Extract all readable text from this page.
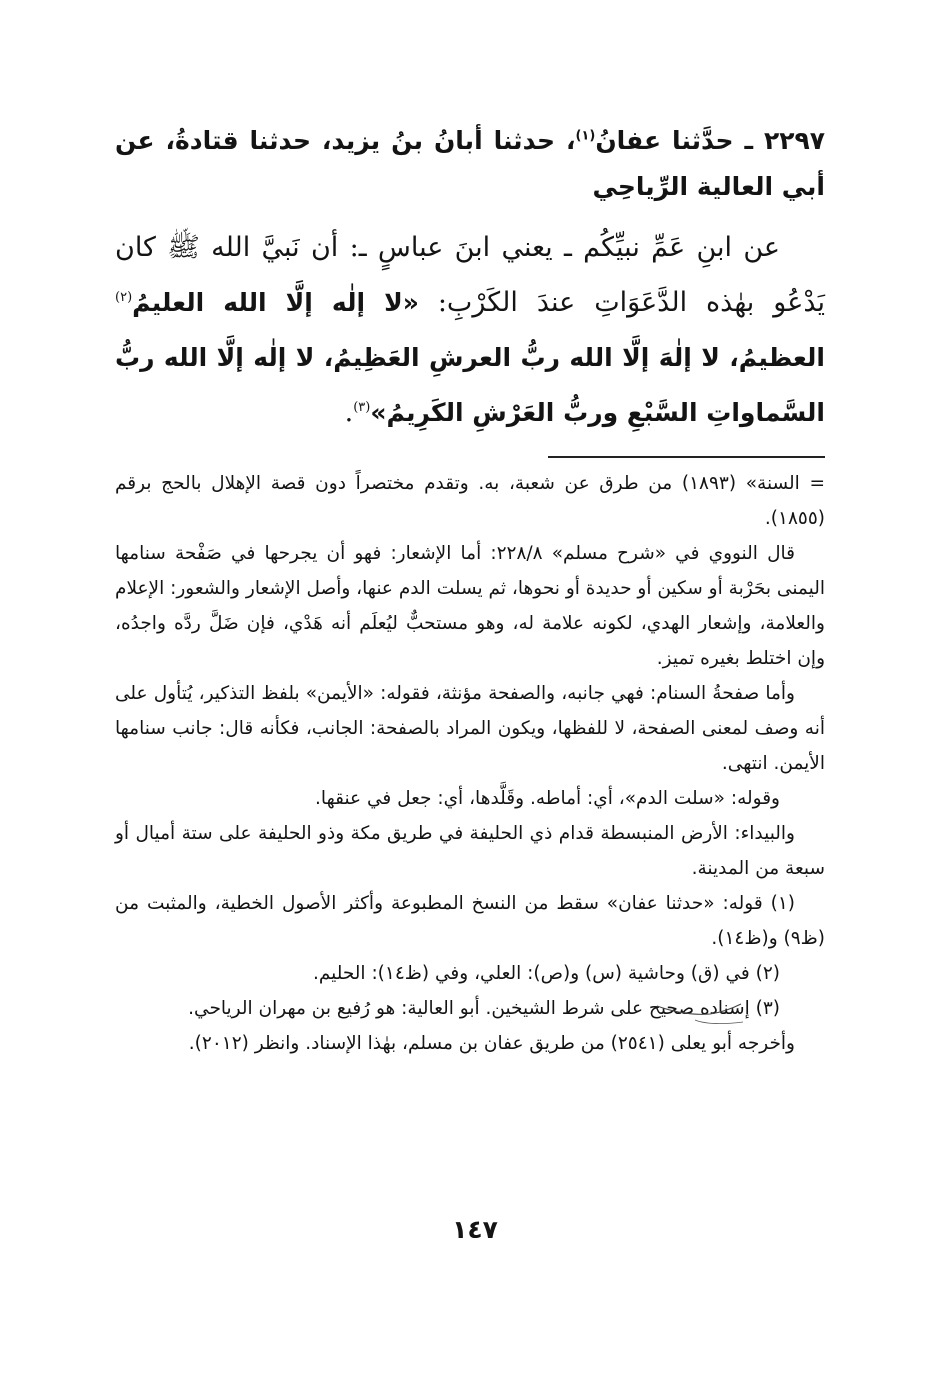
٢٢٩٧ ـ حدَّثنا عفانُ$^{(١)}$، حدثنا أبانُ بنُ يزيد، حدثنا قتادةُ، عن أبي العالية الرِّياحِي

عن ابنِ عَمِّ نبيِّكُم ـ يعني ابنَ عباسٍ ـ: أن نَبيَّ الله ﷺ كان يَدْعُو بهٰذه الدَّعَوَاتِ عندَ الكَرْبِ: «لا إلٰه إلَّا الله العليمُ$^{(٢)}$ العظيمُ، لا إلٰهَ إلَّا الله ربُّ العرشِ العَظِيمُ، لا إلٰه إلَّا الله ربُّ السَّماواتِ السَّبْعِ وربُّ العَرْشِ الكَرِيمُ»$^{(٣)}$.

= السنة» (١٨٩٣) من طرق عن شعبة، به. وتقدم مختصراً دون قصة الإهلال بالحج برقم (١٨٥٥).

قال النووي في «شرح مسلم» ٢٢٨/٨: أما الإشعار: فهو أن يجرحها في صَفْحة سنامها اليمنى بحَرْبة أو سكين أو حديدة أو نحوها، ثم يسلت الدم عنها، وأصل الإشعار والشعور: الإعلام والعلامة، وإشعار الهدي، لكونه علامة له، وهو مستحبٌّ ليُعلَم أنه هَدْي، فإن ضَلَّ ردَّه واجدُه، وإن اختلط بغيره تميز.

وأما صفحةُ السنام: فهي جانبه، والصفحة مؤنثة، فقوله: «الأيمن» بلفظ التذكير، يُتأول على أنه وصف لمعنى الصفحة، لا للفظها، ويكون المراد بالصفحة: الجانب، فكأنه قال: جانب سنامها الأيمن. انتهى.

وقوله: «سلت الدم»، أي: أماطه. وقَلَّدها، أي: جعل في عنقها.

والبيداء: الأرض المنبسطة قدام ذي الحليفة في طريق مكة وذو الحليفة على ستة أميال أو سبعة من المدينة.

(١) قوله: «حدثنا عفان» سقط من النسخ المطبوعة وأكثر الأصول الخطية، والمثبت من (ظ٩) و(ظ١٤).

(٢) في (ق) وحاشية (س) و(ص): العلي، وفي (ظ١٤): الحليم.

(٣) إسناده صحيح على شرط الشيخين. أبو العالية: هو رُفيع بن مهران الرياحي.

وأخرجه أبو يعلى (٢٥٤١) من طريق عفان بن مسلم، بهٰذا الإسناد. وانظر (٢٠١٢).

١٤٧
